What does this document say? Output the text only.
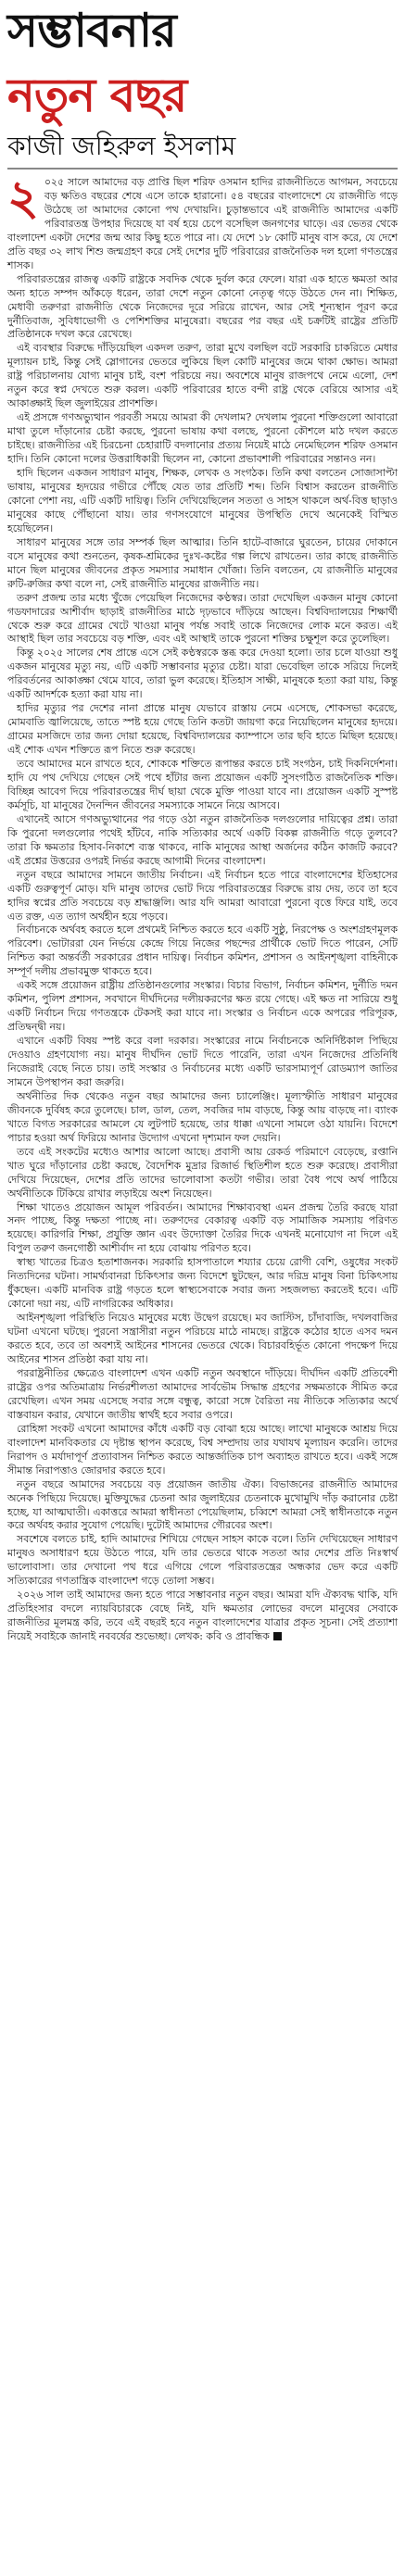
সম্ভাবনার
নতুন বছর
কাজী জহিরুল ইসলাম

২ ০২৫ সালে আমাদের বড় প্রাপ্তি ছিল শরিফ ওসমান হাদির রাজনীতিতে আগমন, সবচেয়ে বড় ক্ষতিও বছরের শেষে এসে তাকে হারানো। ৫৪ বছরের বাংলাদেশে যে রাজনীতি গড়ে উঠেছে তা আমাদের কোনো পথ দেখায়নি। চুড়ান্তভাবে এই রাজনীতি আমাদের একটি পরিবারতন্ত্র উপহার দিয়েছে যা বর্ষ হয়ে চেপে বসেছিল জনগণের ঘাড়ে। এর ভেতর থেকে বাংলাদেশ একটা দেশের জন্ম আর কিছু হতে পারে না। যে দেশে ১৮ কোটি মানুষ বাস করে, যে দেশে প্রতি বছর ৩২ লাখ শিশু জন্মগ্রহণ করে সেই দেশের দুটি পরিবারের রাজনৈতিক দল হলো গণতন্ত্রের শাসক।

পরিবারতন্ত্রের রাজত্ব একটি রাষ্ট্রকে সবদিক থেকে দুর্বল করে ফেলে। যারা এক হাতে ক্ষমতা আর অন্য হাতে সম্পদ আঁকড়ে ধরেন, তারা দেশে নতুন কোনো নেতৃত্ব গড়ে উঠতে দেন না। শিক্ষিত, মেধাবী তরুণরা রাজনীতি থেকে নিজেদের দূরে সরিয়ে রাখেন, আর সেই শূন্যস্থান পূরণ করে দুর্নীতিবাজ, সুবিধাভোগী ও পেশিশক্তির মানুষেরা। বছরের পর বছর এই চক্রটিই রাষ্ট্রের প্রতিটি প্রতিষ্ঠানকে দখল করে রেখেছে।

এই ব্যবস্থার বিরুদ্ধে দাঁড়িয়েছিল একদল তরুণ, তারা মুখে বলছিল বটে সরকারি চাকরিতে মেধার মূল্যায়ন চাই, কিন্তু সেই স্লোগানের ভেতরে লুকিয়ে ছিল কোটি মানুষের জমে থাকা ক্ষোভ। আমরা রাষ্ট্র পরিচালনায় যোগ্য মানুষ চাই, বংশ পরিচয়ে নয়। অবশেষে মানুষ রাজপথে নেমে এলো, দেশ নতুন করে স্বপ্ন দেখতে শুরু করল। একটি পরিবারের হাতে বন্দী রাষ্ট্র থেকে বেরিয়ে আসার এই আকাঙ্ক্ষাই ছিল জুলাইয়ের প্রাণশক্তি।

এই প্রসঙ্গে গণঅভ্যুত্থান পরবর্তী সময়ে আমরা কী দেখলাম? দেখলাম পুরনো শক্তিগুলো আবারো মাথা তুলে দাঁড়ানোর চেষ্টা করছে, পুরনো ভাষায় কথা বলছে, পুরনো কৌশলে মাঠ দখল করতে চাইছে। রাজনীতির এই চিরচেনা চেহারাটি বদলানোর প্রত্যয় নিয়েই মাঠে নেমেছিলেন শরিফ ওসমান হাদি। তিনি কোনো দলের উত্তরাধিকারী ছিলেন না, কোনো প্রভাবশালী পরিবারের সন্তানও নন।

হাদি ছিলেন একজন সাধারণ মানুষ, শিক্ষক, লেখক ও সংগঠক। তিনি কথা বলতেন সোজাসাপ্টা ভাষায়, মানুষের হৃদয়ের গভীরে পৌঁছে যেত তার প্রতিটি শব্দ। তিনি বিশ্বাস করতেন রাজনীতি কোনো পেশা নয়, এটি একটি দায়িত্ব। তিনি দেখিয়েছিলেন সততা ও সাহস থাকলে অর্থ-বিত্ত ছাড়াও মানুষের কাছে পৌঁছানো যায়। তার গণসংযোগে মানুষের উপস্থিতি দেখে অনেকেই বিস্মিত হয়েছিলেন।

সাধারণ মানুষের সঙ্গে তার সম্পর্ক ছিল আত্মার। তিনি হাটে-বাজারে ঘুরতেন, চায়ের দোকানে বসে মানুষের কথা শুনতেন, কৃষক-শ্রমিকের দুঃখ-কষ্টের গল্প লিখে রাখতেন। তার কাছে রাজনীতি মানে ছিল মানুষের জীবনের প্রকৃত সমস্যার সমাধান খোঁজা। তিনি বলতেন, যে রাজনীতি মানুষের রুটি-রুজির কথা বলে না, সেই রাজনীতি মানুষের রাজনীতি নয়।

তরুণ প্রজন্ম তার মধ্যে খুঁজে পেয়েছিল নিজেদের কণ্ঠস্বর। তারা দেখেছিল একজন মানুষ কোনো গডফাদারের আশীর্বাদ ছাড়াই রাজনীতির মাঠে দৃঢ়ভাবে দাঁড়িয়ে আছেন। বিশ্ববিদ্যালয়ের শিক্ষার্থী থেকে শুরু করে গ্রামের খেটে খাওয়া মানুষ পর্যন্ত সবাই তাকে নিজেদের লোক মনে করত। এই আস্থাই ছিল তার সবচেয়ে বড় শক্তি, এবং এই আস্থাই তাকে পুরনো শক্তির চক্ষুশূল করে তুলেছিল।

কিন্তু ২০২৫ সালের শেষ প্রান্তে এসে সেই কণ্ঠস্বরকে স্তব্ধ করে দেওয়া হলো। তার চলে যাওয়া শুধু একজন মানুষের মৃত্যু নয়, এটি একটি সম্ভাবনার মৃত্যুর চেষ্টা। যারা ভেবেছিল তাকে সরিয়ে দিলেই পরিবর্তনের আকাঙ্ক্ষা থেমে যাবে, তারা ভুল করেছে। ইতিহাস সাক্ষী, মানুষকে হত্যা করা যায়, কিন্তু একটি আদর্শকে হত্যা করা যায় না।

হাদির মৃত্যুর পর দেশের নানা প্রান্তে মানুষ যেভাবে রাস্তায় নেমে এসেছে, শোকসভা করেছে, মোমবাতি জ্বালিয়েছে, তাতে স্পষ্ট হয়ে গেছে তিনি কতটা জায়গা করে নিয়েছিলেন মানুষের হৃদয়ে। গ্রামের মসজিদে তার জন্য দোয়া হয়েছে, বিশ্ববিদ্যালয়ের ক্যাম্পাসে তার ছবি হাতে মিছিল হয়েছে। এই শোক এখন শক্তিতে রূপ নিতে শুরু করেছে।

তবে আমাদের মনে রাখতে হবে, শোককে শক্তিতে রূপান্তর করতে চাই সংগঠন, চাই দিকনির্দেশনা। হাদি যে পথ দেখিয়ে গেছেন সেই পথে হাঁটার জন্য প্রয়োজন একটি সুসংগঠিত রাজনৈতিক শক্তি। বিচ্ছিন্ন আবেগ দিয়ে পরিবারতন্ত্রের দীর্ঘ ছায়া থেকে মুক্তি পাওয়া যাবে না। প্রয়োজন একটি সুস্পষ্ট কর্মসূচি, যা মানুষের দৈনন্দিন জীবনের সমস্যাকে সামনে নিয়ে আসবে।

এখানেই আসে গণঅভ্যুত্থানের পর গড়ে ওঠা নতুন রাজনৈতিক দলগুলোর দায়িত্বের প্রশ্ন। তারা কি পুরনো দলগুলোর পথেই হাঁটবে, নাকি সত্যিকার অর্থে একটি বিকল্প রাজনীতি গড়ে তুলবে? তারা কি ক্ষমতার হিসাব-নিকাশে ব্যস্ত থাকবে, নাকি মানুষের আস্থা অর্জনের কঠিন কাজটি করবে? এই প্রশ্নের উত্তরের ওপরই নির্ভর করছে আগামী দিনের বাংলাদেশ।

নতুন বছরে আমাদের সামনে জাতীয় নির্বাচন। এই নির্বাচন হতে পারে বাংলাদেশের ইতিহাসের একটি গুরুত্বপূর্ণ মোড়। যদি মানুষ তাদের ভোট দিয়ে পরিবারতন্ত্রের বিরুদ্ধে রায় দেয়, তবে তা হবে হাদির স্বপ্নের প্রতি সবচেয়ে বড় শ্রদ্ধাঞ্জলি। আর যদি আমরা আবারো পুরনো বৃত্তে ফিরে যাই, তবে এত রক্ত, এত ত্যাগ অর্থহীন হয়ে পড়বে।

নির্বাচনকে অর্থবহ করতে হলে প্রথমেই নিশ্চিত করতে হবে একটি সুষ্ঠু, নিরপেক্ষ ও অংশগ্রহণমূলক পরিবেশ। ভোটাররা যেন নির্ভয়ে কেন্দ্রে গিয়ে নিজের পছন্দের প্রার্থীকে ভোট দিতে পারেন, সেটি নিশ্চিত করা অন্তর্বর্তী সরকারের প্রধান দায়িত্ব। নির্বাচন কমিশন, প্রশাসন ও আইনশৃঙ্খলা বাহিনীকে সম্পূর্ণ দলীয় প্রভাবমুক্ত থাকতে হবে।

একই সঙ্গে প্রয়োজন রাষ্ট্রীয় প্রতিষ্ঠানগুলোর সংস্কার। বিচার বিভাগ, নির্বাচন কমিশন, দুর্নীতি দমন কমিশন, পুলিশ প্রশাসন, সবখানে দীর্ঘদিনের দলীয়করণের ক্ষত রয়ে গেছে। এই ক্ষত না সারিয়ে শুধু একটি নির্বাচন দিয়ে গণতন্ত্রকে টেকসই করা যাবে না। সংস্কার ও নির্বাচন একে অপরের পরিপূরক, প্রতিদ্বন্দ্বী নয়।

এখানে একটি বিষয় স্পষ্ট করে বলা দরকার। সংস্কারের নামে নির্বাচনকে অনির্দিষ্টকাল পিছিয়ে দেওয়াও গ্রহণযোগ্য নয়। মানুষ দীর্ঘদিন ভোট দিতে পারেনি, তারা এখন নিজেদের প্রতিনিধি নিজেরাই বেছে নিতে চায়। তাই সংস্কার ও নির্বাচনের মধ্যে একটি ভারসাম্যপূর্ণ রোডম্যাপ জাতির সামনে উপস্থাপন করা জরুরি।

অর্থনীতির দিক থেকেও নতুন বছর আমাদের জন্য চ্যালেঞ্জিং। মূল্যস্ফীতি সাধারণ মানুষের জীবনকে দুর্বিষহ করে তুলেছে। চাল, ডাল, তেল, সবজির দাম বাড়ছে, কিন্তু আয় বাড়ছে না। ব্যাংক খাতে বিগত সরকারের আমলে যে লুটপাট হয়েছে, তার ধাক্কা এখনো সামলে ওঠা যায়নি। বিদেশে পাচার হওয়া অর্থ ফিরিয়ে আনার উদ্যোগ এখনো দৃশ্যমান ফল দেয়নি।

তবে এই সংকটের মধ্যেও আশার আলো আছে। প্রবাসী আয় রেকর্ড পরিমাণে বেড়েছে, রপ্তানি খাত ঘুরে দাঁড়ানোর চেষ্টা করছে, বৈদেশিক মুদ্রার রিজার্ভ স্থিতিশীল হতে শুরু করেছে। প্রবাসীরা দেখিয়ে দিয়েছেন, দেশের প্রতি তাদের ভালোবাসা কতটা গভীর। তারা বৈধ পথে অর্থ পাঠিয়ে অর্থনীতিকে টিকিয়ে রাখার লড়াইয়ে অংশ নিয়েছেন।

শিক্ষা খাতেও প্রয়োজন আমূল পরিবর্তন। আমাদের শিক্ষাব্যবস্থা এমন প্রজন্ম তৈরি করছে যারা সনদ পাচ্ছে, কিন্তু দক্ষতা পাচ্ছে না। তরুণদের বেকারত্ব একটি বড় সামাজিক সমস্যায় পরিণত হয়েছে। কারিগরি শিক্ষা, প্রযুক্তি জ্ঞান এবং উদ্যোক্তা তৈরির দিকে এখনই মনোযোগ না দিলে এই বিপুল তরুণ জনগোষ্ঠী আশীর্বাদ না হয়ে বোঝায় পরিণত হবে।

স্বাস্থ্য খাতের চিত্রও হতাশাজনক। সরকারি হাসপাতালে শয্যার চেয়ে রোগী বেশি, ওষুধের সংকট নিত্যদিনের ঘটনা। সামর্থ্যবানরা চিকিৎসার জন্য বিদেশে ছুটছেন, আর দরিদ্র মানুষ বিনা চিকিৎসায় ধুঁকছেন। একটি মানবিক রাষ্ট্র গড়তে হলে স্বাস্থ্যসেবাকে সবার জন্য সহজলভ্য করতেই হবে। এটি কোনো দয়া নয়, এটি নাগরিকের অধিকার।

আইনশৃঙ্খলা পরিস্থিতি নিয়েও মানুষের মধ্যে উদ্বেগ রয়েছে। মব জাস্টিস, চাঁদাবাজি, দখলবাজির ঘটনা এখনো ঘটছে। পুরনো সন্ত্রাসীরা নতুন পরিচয়ে মাঠে নামছে। রাষ্ট্রকে কঠোর হাতে এসব দমন করতে হবে, তবে তা অবশ্যই আইনের শাসনের ভেতরে থেকে। বিচারবহির্ভূত কোনো পদক্ষেপ দিয়ে আইনের শাসন প্রতিষ্ঠা করা যায় না।

পররাষ্ট্রনীতির ক্ষেত্রেও বাংলাদেশ এখন একটি নতুন অবস্থানে দাঁড়িয়ে। দীর্ঘদিন একটি প্রতিবেশী রাষ্ট্রের ওপর অতিমাত্রায় নির্ভরশীলতা আমাদের সার্বভৌম সিদ্ধান্ত গ্রহণের সক্ষমতাকে সীমিত করে রেখেছিল। এখন সময় এসেছে সবার সঙ্গে বন্ধুত্ব, কারো সঙ্গে বৈরিতা নয় নীতিকে সত্যিকার অর্থে বাস্তবায়ন করার, যেখানে জাতীয় স্বার্থই হবে সবার ওপরে।

রোহিঙ্গা সংকট এখনো আমাদের কাঁধে একটি বড় বোঝা হয়ে আছে। লাখো মানুষকে আশ্রয় দিয়ে বাংলাদেশ মানবিকতার যে দৃষ্টান্ত স্থাপন করেছে, বিশ্ব সম্প্রদায় তার যথাযথ মূল্যায়ন করেনি। তাদের নিরাপদ ও মর্যাদাপূর্ণ প্রত্যাবাসন নিশ্চিত করতে আন্তর্জাতিক চাপ অব্যাহত রাখতে হবে। একই সঙ্গে সীমান্ত নিরাপত্তাও জোরদার করতে হবে।

নতুন বছরে আমাদের সবচেয়ে বড় প্রয়োজন জাতীয় ঐক্য। বিভাজনের রাজনীতি আমাদের অনেক পিছিয়ে দিয়েছে। মুক্তিযুদ্ধের চেতনা আর জুলাইয়ের চেতনাকে মুখোমুখি দাঁড় করানোর চেষ্টা হচ্ছে, যা আত্মঘাতী। একাত্তরে আমরা স্বাধীনতা পেয়েছিলাম, চব্বিশে আমরা সেই স্বাধীনতাকে নতুন করে অর্থবহ করার সুযোগ পেয়েছি। দুটোই আমাদের গৌরবের অংশ।

সবশেষে বলতে চাই, হাদি আমাদের শিখিয়ে গেছেন সাহস কাকে বলে। তিনি দেখিয়েছেন সাধারণ মানুষও অসাধারণ হয়ে উঠতে পারে, যদি তার ভেতরে থাকে সততা আর দেশের প্রতি নিঃস্বার্থ ভালোবাসা। তার দেখানো পথ ধরে এগিয়ে গেলে পরিবারতন্ত্রের অন্ধকার ভেদ করে একটি সত্যিকারের গণতান্ত্রিক বাংলাদেশ গড়ে তোলা সম্ভব।

২০২৬ সাল তাই আমাদের জন্য হতে পারে সম্ভাবনার নতুন বছর। আমরা যদি ঐক্যবদ্ধ থাকি, যদি প্রতিহিংসার বদলে ন্যায়বিচারকে বেছে নিই, যদি ক্ষমতার লোভের বদলে মানুষের সেবাকে রাজনীতির মূলমন্ত্র করি, তবে এই বছরই হবে নতুন বাংলাদেশের যাত্রার প্রকৃত সূচনা। সেই প্রত্যাশা নিয়েই সবাইকে জানাই নববর্ষের শুভেচ্ছা। লেখক: কবি ও প্রাবন্ধিক
